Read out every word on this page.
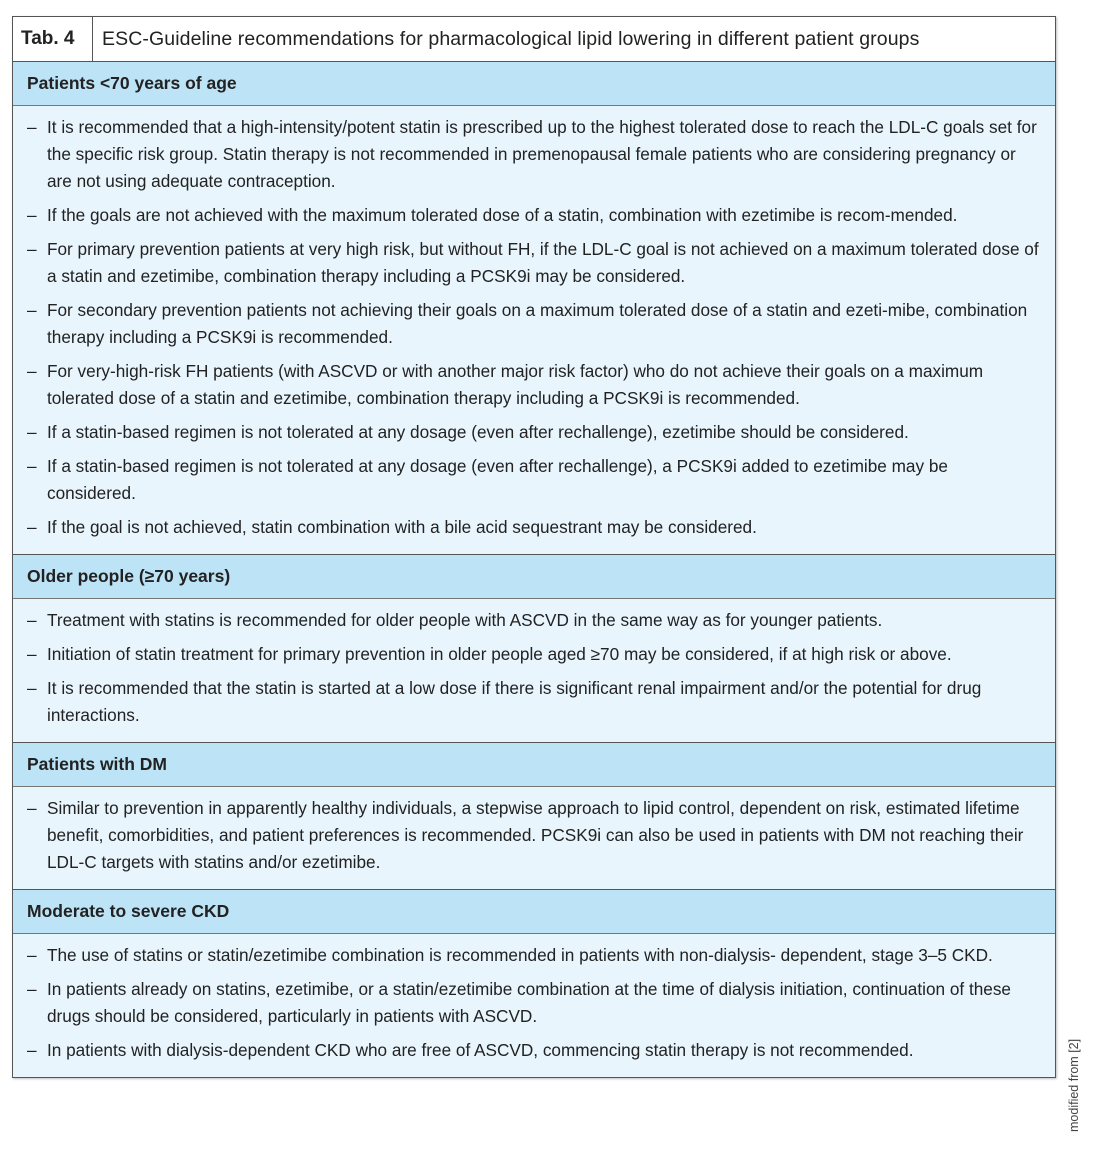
Tab. 4	ESC-Guideline recommendations for pharmacological lipid lowering in different patient groups
Patients <70 years of age
– It is recommended that a high-intensity/potent statin is prescribed up to the highest tolerated dose to reach the LDL-C goals set for the specific risk group. Statin therapy is not recommended in premenopausal female patients who are considering pregnancy or are not using adequate contraception.
– If the goals are not achieved with the maximum tolerated dose of a statin, combination with ezetimibe is recom-mended.
– For primary prevention patients at very high risk, but without FH, if the LDL-C goal is not achieved on a maximum tolerated dose of a statin and ezetimibe, combination therapy including a PCSK9i may be considered.
– For secondary prevention patients not achieving their goals on a maximum tolerated dose of a statin and ezeti-mibe, combination therapy including a PCSK9i is recommended.
– For very-high-risk FH patients (with ASCVD or with another major risk factor) who do not achieve their goals on a maximum tolerated dose of a statin and ezetimibe, combination therapy including a PCSK9i is recommended.
– If a statin-based regimen is not tolerated at any dosage (even after rechallenge), ezetimibe should be considered.
– If a statin-based regimen is not tolerated at any dosage (even after rechallenge), a PCSK9i added to ezetimibe may be considered.
– If the goal is not achieved, statin combination with a bile acid sequestrant may be considered.
Older people (≥70 years)
– Treatment with statins is recommended for older people with ASCVD in the same way as for younger patients.
– Initiation of statin treatment for primary prevention in older people aged ≥70 may be considered, if at high risk or above.
– It is recommended that the statin is started at a low dose if there is significant renal impairment and/or the potential for drug interactions.
Patients with DM
– Similar to prevention in apparently healthy individuals, a stepwise approach to lipid control, dependent on risk, estimated lifetime benefit, comorbidities, and patient preferences is recommended. PCSK9i can also be used in patients with DM not reaching their LDL-C targets with statins and/or ezetimibe.
Moderate to severe CKD
– The use of statins or statin/ezetimibe combination is recommended in patients with non-dialysis- dependent, stage 3–5 CKD.
– In patients already on statins, ezetimibe, or a statin/ezetimibe combination at the time of dialysis initiation, continuation of these drugs should be considered, particularly in patients with ASCVD.
– In patients with dialysis-dependent CKD who are free of ASCVD, commencing statin therapy is not recommended.	modified from [2]
